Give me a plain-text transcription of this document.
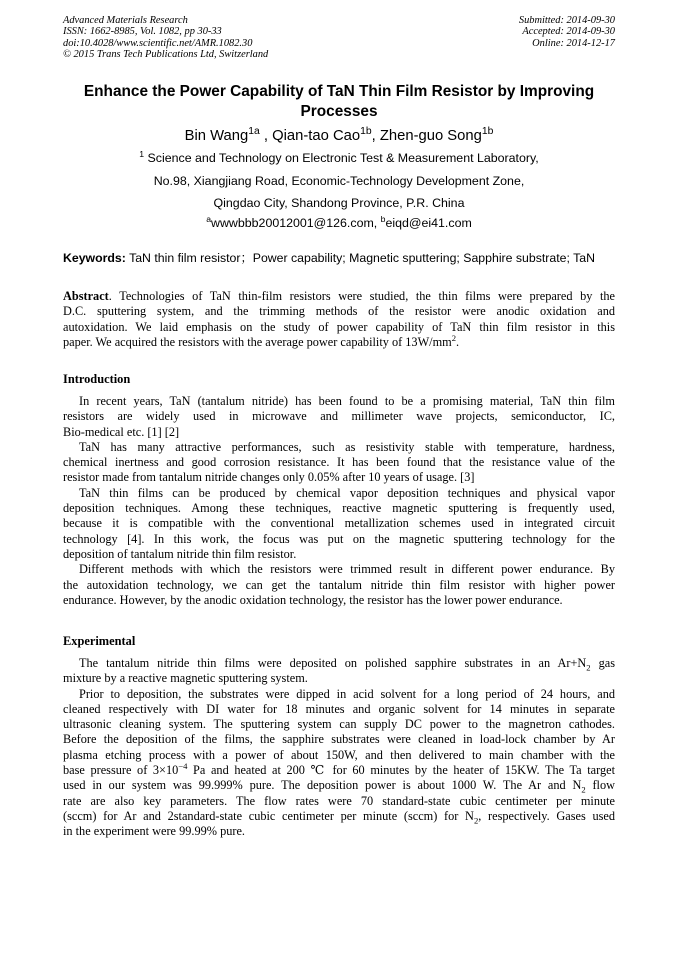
Advanced Materials Research
ISSN: 1662-8985, Vol. 1082, pp 30-33
doi:10.4028/www.scientific.net/AMR.1082.30
© 2015 Trans Tech Publications Ltd, Switzerland
Submitted: 2014-09-30
Accepted: 2014-09-30
Online: 2014-12-17
Enhance the Power Capability of TaN Thin Film Resistor by Improving
Processes
Bin Wang$^{1a}$ , Qian-tao Cao$^{1b}$, Zhen-guo Song$^{1b}$
$^1$ Science and Technology on Electronic Test & Measurement Laboratory,
No.98, Xiangjiang Road, Economic-Technology Development Zone,
Qingdao City, Shandong Province, P.R. China
$^a$wwwbbb20012001@126.com, $^b$eiqd@ei41.com
Keywords: TaN thin film resistor；Power capability; Magnetic sputtering; Sapphire substrate; TaN
Abstract. Technologies of TaN thin-film resistors were studied, the thin films were prepared by the
D.C. sputtering system, and the trimming methods of the resistor were anodic oxidation and
autoxidation. We laid emphasis on the study of power capability of TaN thin film resistor in this
paper. We acquired the resistors with the average power capability of $13W/mm^2$.
Introduction
In recent years, TaN (tantalum nitride) has been found to be a promising material, TaN thin film
resistors are widely used in microwave and millimeter wave projects, semiconductor, IC,
Bio-medical etc. [1] [2]
TaN has many attractive performances, such as resistivity stable with temperature, hardness,
chemical inertness and good corrosion resistance. It has been found that the resistance value of the
resistor made from tantalum nitride changes only 0.05% after 10 years of usage. [3]
TaN thin films can be produced by chemical vapor deposition techniques and physical vapor
deposition techniques. Among these techniques, reactive magnetic sputtering is frequently used,
because it is compatible with the conventional metallization schemes used in integrated circuit
technology [4]. In this work, the focus was put on the magnetic sputtering technology for the
deposition of tantalum nitride thin film resistor.
Different methods with which the resistors were trimmed result in different power endurance. By
the autoxidation technology, we can get the tantalum nitride thin film resistor with higher power
endurance. However, by the anodic oxidation technology, the resistor has the lower power endurance.
Experimental
The tantalum nitride thin films were deposited on polished sapphire substrates in an $Ar+N_2$ gas
mixture by a reactive magnetic sputtering system.
Prior to deposition, the substrates were dipped in acid solvent for a long period of 24 hours, and
cleaned respectively with DI water for 18 minutes and organic solvent for 14 minutes in separate
ultrasonic cleaning system. The sputtering system can supply DC power to the magnetron cathodes.
Before the deposition of the films, the sapphire substrates were cleaned in load-lock chamber by Ar
plasma etching process with a power of about 150W, and then delivered to main chamber with the
base pressure of $3\times 10^{-4}$ Pa and heated at 200 ℃ for 60 minutes by the heater of 15KW. The Ta target
used in our system was 99.999% pure. The deposition power is about 1000 W. The Ar and $N_2$ flow
rate are also key parameters. The flow rates were 70 standard-state cubic centimeter per minute
(sccm) for Ar and 2standard-state cubic centimeter per minute (sccm) for $N_2$, respectively. Gases used
in the experiment were 99.99% pure.
